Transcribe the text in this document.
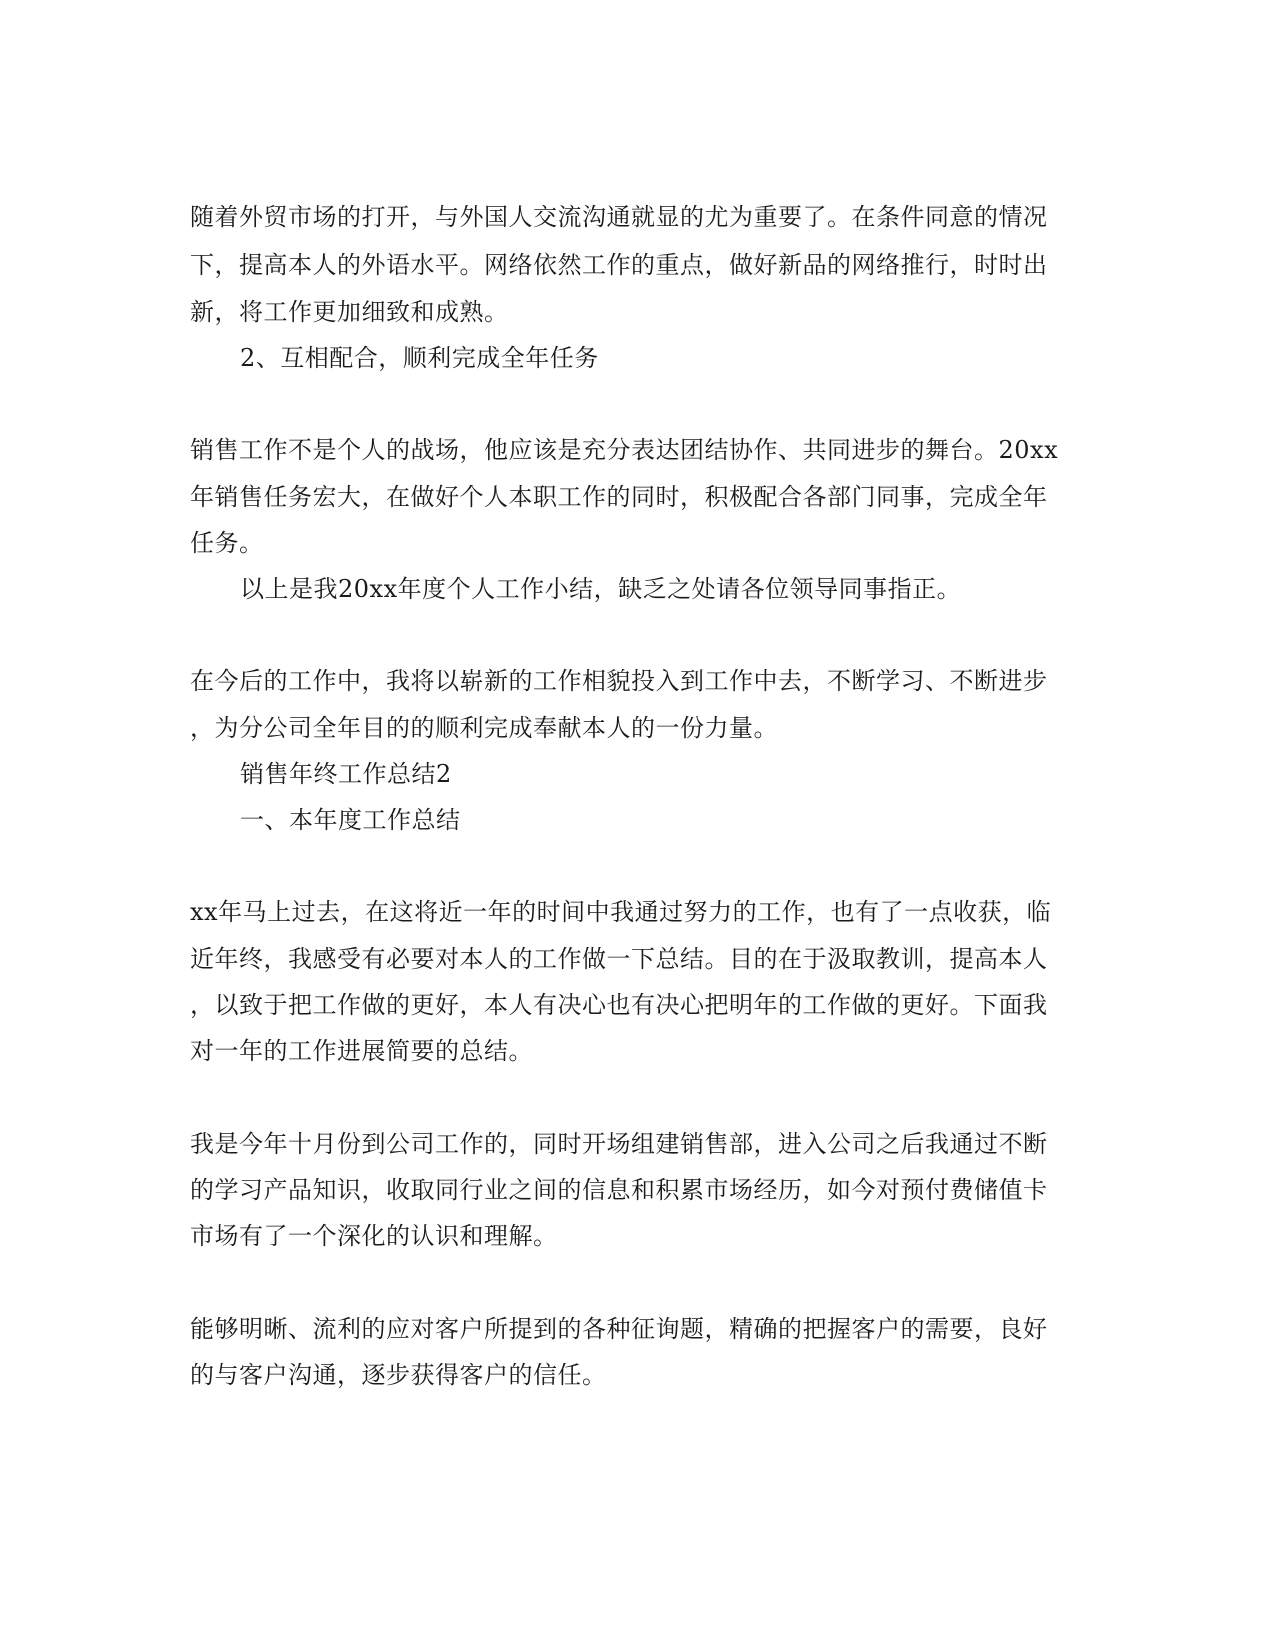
随着外贸市场的打开，与外国人交流沟通就显的尤为重要了。在条件同意的情况
下，提高本人的外语水平。网络依然工作的重点，做好新品的网络推行，时时出
新，将工作更加细致和成熟。
2、互相配合，顺利完成全年任务
销售工作不是个人的战场，他应该是充分表达团结协作、共同进步的舞台。20xx
年销售任务宏大，在做好个人本职工作的同时，积极配合各部门同事，完成全年
任务。
以上是我20xx年度个人工作小结，缺乏之处请各位领导同事指正。
在今后的工作中，我将以崭新的工作相貌投入到工作中去，不断学习、不断进步
，为分公司全年目的的顺利完成奉献本人的一份力量。
销售年终工作总结2
一、本年度工作总结
xx年马上过去，在这将近一年的时间中我通过努力的工作，也有了一点收获，临
近年终，我感受有必要对本人的工作做一下总结。目的在于汲取教训，提高本人
，以致于把工作做的更好，本人有决心也有决心把明年的工作做的更好。下面我
对一年的工作进展简要的总结。
我是今年十月份到公司工作的，同时开场组建销售部，进入公司之后我通过不断
的学习产品知识，收取同行业之间的信息和积累市场经历，如今对预付费储值卡
市场有了一个深化的认识和理解。
能够明晰、流利的应对客户所提到的各种征询题，精确的把握客户的需要，良好
的与客户沟通，逐步获得客户的信任。
